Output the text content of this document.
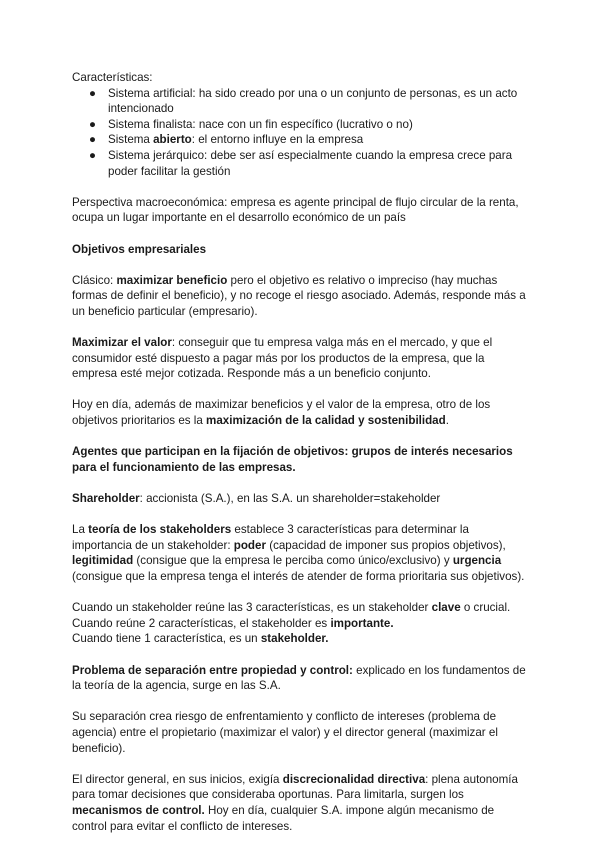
Características:

● Sistema artificial: ha sido creado por una o un conjunto de personas, es un acto intencionado
● Sistema finalista: nace con un fin específico (lucrativo o no)
● Sistema abierto: el entorno influye en la empresa
● Sistema jerárquico: debe ser así especialmente cuando la empresa crece para poder facilitar la gestión

Perspectiva macroeconómica: empresa es agente principal de flujo circular de la renta, ocupa un lugar importante en el desarrollo económico de un país

Objetivos empresariales

Clásico: maximizar beneficio pero el objetivo es relativo o impreciso (hay muchas formas de definir el beneficio), y no recoge el riesgo asociado. Además, responde más a un beneficio particular (empresario).

Maximizar el valor: conseguir que tu empresa valga más en el mercado, y que el consumidor esté dispuesto a pagar más por los productos de la empresa, que la empresa esté mejor cotizada. Responde más a un beneficio conjunto.

Hoy en día, además de maximizar beneficios y el valor de la empresa, otro de los objetivos prioritarios es la maximización de la calidad y sostenibilidad.

Agentes que participan en la fijación de objetivos: grupos de interés necesarios para el funcionamiento de las empresas.

Shareholder: accionista (S.A.), en las S.A. un shareholder=stakeholder

La teoría de los stakeholders establece 3 características para determinar la importancia de un stakeholder: poder (capacidad de imponer sus propios objetivos), legitimidad (consigue que la empresa le perciba como único/exclusivo) y urgencia (consigue que la empresa tenga el interés de atender de forma prioritaria sus objetivos).

Cuando un stakeholder reúne las 3 características, es un stakeholder clave o crucial.

Cuando reúne 2 características, el stakeholder es importante.

Cuando tiene 1 característica, es un stakeholder.

Problema de separación entre propiedad y control: explicado en los fundamentos de la teoría de la agencia, surge en las S.A.

Su separación crea riesgo de enfrentamiento y conflicto de intereses (problema de agencia) entre el propietario (maximizar el valor) y el director general (maximizar el beneficio).

El director general, en sus inicios, exigía discrecionalidad directiva: plena autonomía para tomar decisiones que consideraba oportunas. Para limitarla, surgen los mecanismos de control. Hoy en día, cualquier S.A. impone algún mecanismo de control para evitar el conflicto de intereses.
